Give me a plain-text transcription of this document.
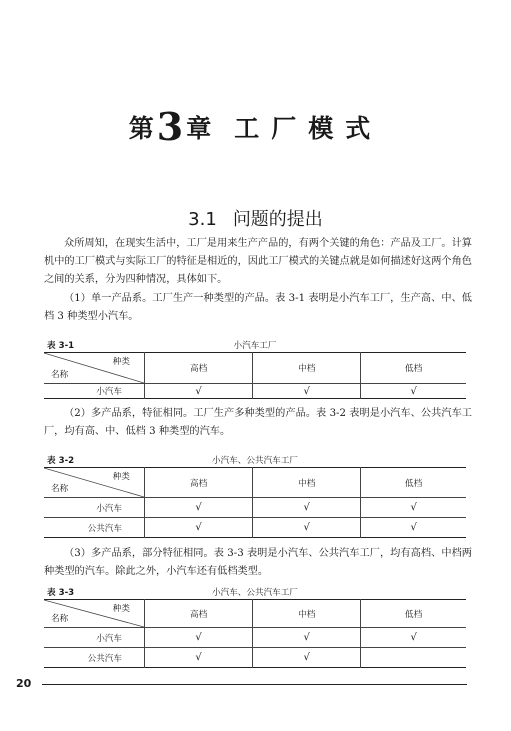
第3章 工厂模式
3.1 问题的提出

众所周知，在现实生活中，工厂是用来生产产品的，有两个关键的角色：产品及工厂。计算机中的工厂模式与实际工厂的特征是相近的，因此工厂模式的关键点就是如何描述好这两个角色之间的关系，分为四种情况，具体如下。

（1）单一产品系。工厂生产一种类型的产品。表 3-1 表明是小汽车工厂，生产高、中、低档 3 种类型小汽车。

表 3-1	小汽车工厂
种类
名称	高档	中档	低档
小汽车	√	√	√

（2）多产品系，特征相同。工厂生产多种类型的产品。表 3-2 表明是小汽车、公共汽车工厂，均有高、中、低档 3 种类型的汽车。

表 3-2	小汽车、公共汽车工厂
种类
名称	高档	中档	低档
小汽车	√	√	√
公共汽车	√	√	√

（3）多产品系，部分特征相同。表 3-3 表明是小汽车、公共汽车工厂，均有高档、中档两种类型的汽车。除此之外，小汽车还有低档类型。

表 3-3	小汽车、公共汽车工厂
种类
名称	高档	中档	低档
小汽车	√	√	√
公共汽车	√	√	
20
